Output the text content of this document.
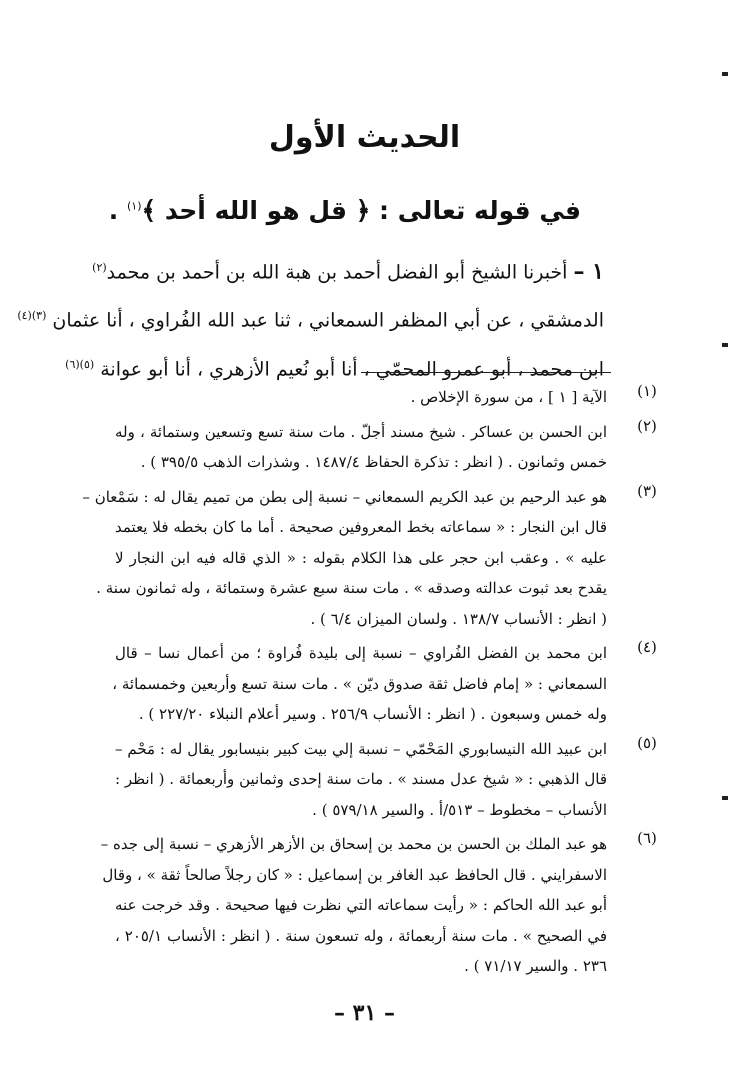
الحديث الأول
في قوله تعالى : ﴿ قل هو الله أحد ﴾$^{(١)}$ .
١ – أخبرنا الشيخ أبو الفضل أحمد بن هبة الله بن أحمد بن محمد$^{(٢)}$
الدمشقي ، عن أبي المظفر السمعاني ، ثنا عبد الله الفُراوي ، أنا عثمان $^{(٣)(٤)}$
ابن محمد ، أبو عمرو المحمّي ، أنا أبو نُعيم الأزهري ، أنا أبو عوانة $^{(٥)(٦)}$
(١)
الآية [ ١ ] ، من سورة الإخلاص .
(٢)
ابن الحسن بن عساكر . شيخ مسند أجلّ . مات سنة تسع وتسعين وستمائة ، وله
خمس وثمانون . ( انظر : تذكرة الحفاظ ١٤٨٧/٤ . وشذرات الذهب ٣٩٥/٥ ) .
(٣)
هو عبد الرحيم بن عبد الكريم السمعاني – نسبة إلى بطن من تميم يقال له : سَمْعان –
قال ابن النجار : « سماعاته بخط المعروفين صحيحة . أما ما كان بخطه فلا يعتمد
عليه » . وعقب ابن حجر على هذا الكلام بقوله : « الذي قاله فيه ابن النجار لا
يقدح بعد ثبوت عدالته وصدقه » . مات سنة سبع عشرة وستمائة ، وله ثمانون سنة .
( انظر : الأنساب ١٣٨/٧ . ولسان الميزان ٦/٤ ) .
(٤)
ابن محمد بن الفضل الفُراوي – نسبة إلى بليدة فُراوة ؛ من أعمال نسا – قال
السمعاني : « إمام فاضل ثقة صدوق ديّن » . مات سنة تسع وأربعين وخمسمائة ،
وله خمس وسبعون . ( انظر : الأنساب ٢٥٦/٩ . وسير أعلام النبلاء ٢٢٧/٢٠ ) .
(٥)
ابن عبيد الله النيسابوري المَحْمّي – نسبة إلي بيت كبير بنيسابور يقال له : مَحْم –
قال الذهبي : « شيخ عدل مسند » . مات سنة إحدى وثمانين وأربعمائة . ( انظر :
الأنساب – مخطوط – ٥١٣/أ . والسير ٥٧٩/١٨ ) .
(٦)
هو عبد الملك بن الحسن بن محمد بن إسحاق بن الأزهر الأزهري – نسبة إلى جده –
الاسفرايني . قال الحافظ عبد الغافر بن إسماعيل : « كان رجلاً صالحاً ثقة » ، وقال
أبو عبد الله الحاكم : « رأيت سماعاته التي نظرت فيها صحيحة . وقد خرجت عنه
في الصحيح » . مات سنة أربعمائة ، وله تسعون سنة . ( انظر : الأنساب ٢٠٥/١ ،
٢٣٦ . والسير ٧١/١٧ ) .
– ٣١ –
